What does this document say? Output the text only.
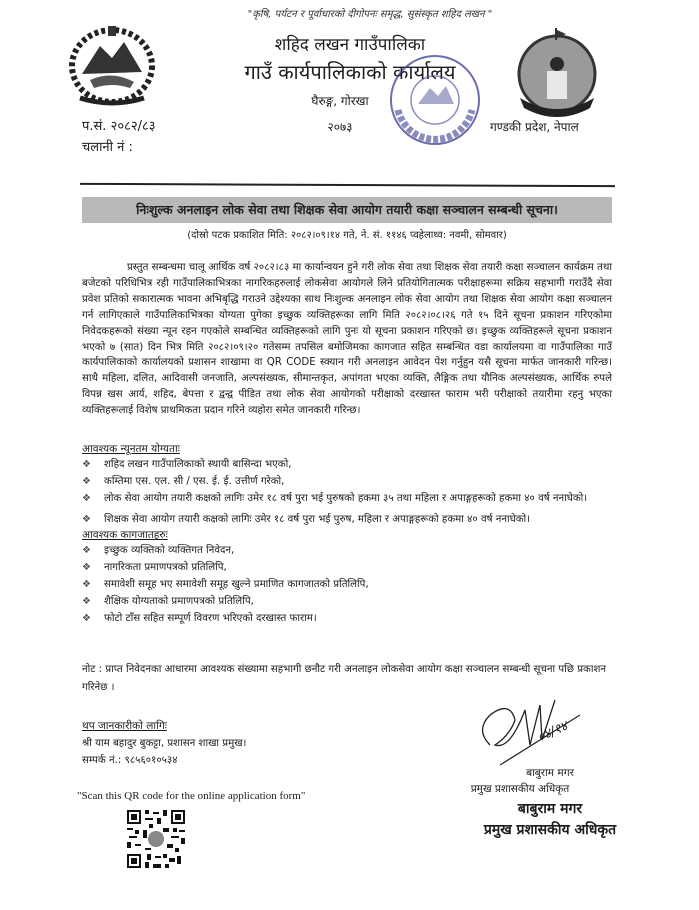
"कृषि, पर्यटन र पूर्वाधारको दीगोपनः समृद्ध, सुसंस्कृत शहिद लखन "
शहिद लखन गाउँपालिका
गाउँ कार्यपालिकाको कार्यालय
घैरुङ्ग, गोरखा
२०७३
प.सं. २०८२/८३
चलानी नं :
गण्डकी प्रदेश, नेपाल
निःशुल्क अनलाइन लोक सेवा तथा शिक्षक सेवा आयोग तयारी कक्षा सञ्चालन सम्बन्धी सूचना।
(दोस्रो पटक प्रकाशित मिति: २०८२।०९।१४ गते, ने. सं. ११४६ प्वहेलाथ्व: नवमी, सोमवार)
प्रस्तुत सम्बन्धमा चालू आर्थिक वर्ष २०८२।८३ मा कार्यान्वयन हुने गरी लोक सेवा तथा शिक्षक सेवा तयारी कक्षा सञ्चालन कार्यक्रम तथा बजेटको परिधिभित्र रही गाउँपालिकाभित्रका नागरिकहरुलाई लोकसेवा आयोगले लिने प्रतियोगितात्मक परीक्षाहरूमा सक्रिय सहभागी गराउँदै सेवा प्रवेश प्रतिको सकारात्मक भावना अभिबृद्धि गराउने उद्देश्यका साथ निःशुल्क अनलाइन लोक सेवा आयोग तथा शिक्षक सेवा आयोग कक्षा सञ्चालन गर्न लागिएकाले गाउँपालिकाभित्रका योग्यता पुगेका इच्छुक व्यक्तिहरूका लागि मिति २०८२।०८।२६ गते १५ दिने सूचना प्रकाशन गरिएकोमा निवेदकहरूको संख्या न्यून रहन गएकोले सम्बन्धित व्यक्तिहरूको लागि पुनः यो सूचना प्रकाशन गरिएको छ। इच्छुक व्यक्तिहरूले सूचना प्रकाशन भएको ७ (सात) दिन भित्र मिति २०८२।०९।२० गतेसम्म तपसिल बमोजिमका कागजात सहित सम्बन्धित वडा कार्यालयमा वा गाउँपालिका गाउँ कार्यपालिकाको कार्यालयको प्रशासन शाखामा वा QR CODE स्क्यान गरी अनलाइन आवेदन पेश गर्नुहुन यसै सूचना मार्फत जानकारी गरिन्छ। साथै महिला, दलित, आदिवासी जनजाति, अल्पसंख्यक, सीमान्तकृत, अपांगता भएका व्यक्ति, लैङ्गिक तथा यौनिक अल्पसंख्यक, आर्थिक रुपले विपन्न खस आर्य, शहिद, बेपत्ता र द्वन्द्व पीडित तथा लोक सेवा आयोगको परीक्षाको दरखास्त फाराम भरी परीक्षाको तयारीमा रहनु भएका व्यक्तिहरूलाई विशेष प्राथमिकता प्रदान गरिने व्यहोरा समेत जानकारी गरिन्छ।
आवश्यक न्यूनतम योग्यताः
❖ शहिद लखन गाउँपालिकाको स्थायी बासिन्दा भएको,
❖ कम्तिमा एस. एल. सी / एस. ई. ई. उत्तीर्ण गरेको,
❖ लोक सेवा आयोग तयारी कक्षको लागिः उमेर १८ वर्ष पुरा भई पुरुषको हकमा ३५ तथा महिला र अपाङ्गहरूको हकमा ४० वर्ष ननाघेको।
❖ शिक्षक सेवा आयोग तयारी कक्षको लागिः उमेर १८ वर्ष पुरा भई पुरुष, महिला र अपाङ्गहरूको हकमा ४० वर्ष ननाघेको।
आवश्यक कागजातहरुः
❖ इच्छुक व्यक्तिको व्यक्तिगत निवेदन,
❖ नागरिकता प्रमाणपत्रको प्रतिलिपि,
❖ समावेशी समूह भए समावेशी समूह खुल्ने प्रमाणित कागजातको प्रतिलिपि,
❖ शैक्षिक योग्यताको प्रमाणपत्रको प्रतिलिपि,
❖ फोटो टाँस सहित सम्पूर्ण विवरण भरिएको दरखास्त फाराम।
नोट : प्राप्त निवेदनका आधारमा आवश्यक संख्यामा सहभागी छनौट गरी अनलाइन लोकसेवा आयोग कक्षा सञ्चालन सम्बन्धी सूचना पछि प्रकाशन गरिनेछ ।
थप जानकारीको लागिः
श्री याम बहादुर बुकट्टा, प्रशासन शाखा प्रमुख।
सम्पर्क नं.: ९८५६०१०५३४
"Scan this QR code for the online application form"
०४/१४
बाबुराम मगर
प्रमुख प्रशासकीय अधिकृत
बाबुराम मगर
प्रमुख प्रशासकीय अधिकृत
